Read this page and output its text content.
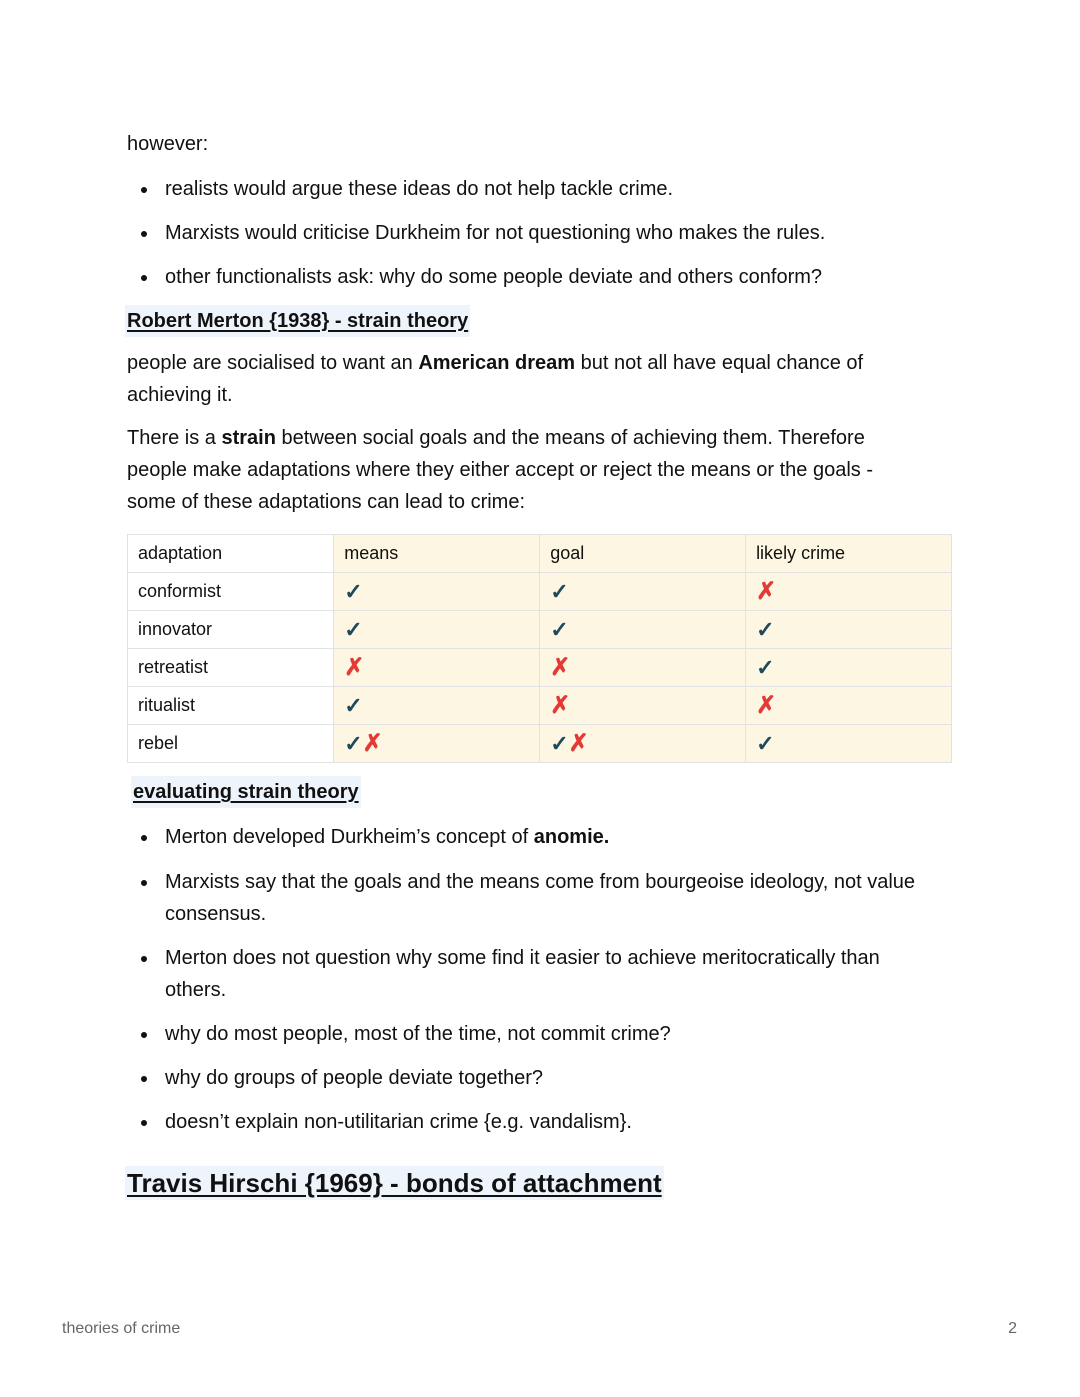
however:

realists would argue these ideas do not help tackle crime.
Marxists would criticise Durkheim for not questioning who makes the rules.
other functionalists ask: why do some people deviate and others conform?
Robert Merton {1938} - strain theory

people are socialised to want an American dream but not all have equal chance of achieving it.

There is a strain between social goals and the means of achieving them. Therefore people make adaptations where they either accept or reject the means or the goals - some of these adaptations can lead to crime:

adaptation	means	goal	likely crime
conformist	✓	✓	✗
innovator	✓	✓	✓
retreatist	✗	✗	✓
ritualist	✓	✗	✗
rebel	✓✗	✓✗	✓
evaluating strain theory
Merton developed Durkheim’s concept of anomie.
Marxists say that the goals and the means come from bourgeoise ideology, not value consensus.
Merton does not question why some find it easier to achieve meritocratically than others.
why do most people, most of the time, not commit crime?
why do groups of people deviate together?
doesn’t explain non-utilitarian crime {e.g. vandalism}.
Travis Hirschi {1969} - bonds of attachment
theories of crime	2
